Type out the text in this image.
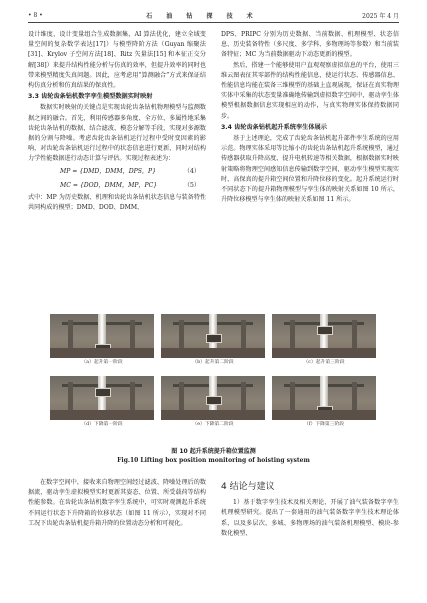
• 8 •	石 油 钻 探 技 术	2025 年 4 月

设计维度、设计变量组合生成数据集，AI 算法优化，建立全域变量空间的复杂数学表达[17]）与模型降阶方法（Guyan 缩聚法[31]、Krylov 子空间方法[18]、Ritz 矢量法[15] 和本征正交分解[38]）来提升结构性能分析与仿真的效率，但提升效率的同时也带来模型精度失真问题。因此，应考虑用“算测融合”方式来保证结构仿真分析和仿真结果的保真性。

3.3 齿轮齿条钻机数字孪生模型数据实时映射

数据实时映射的关键点是实现齿轮齿条钻机物理模型与监测数据之间的融合。首先，利用传感器多角度、全方位、多属性地采集齿轮齿条钻机的数据，结合滤波、模态分解等手段，实现对多源数据的分割与降噪。考虑齿轮齿条钻机运行过程中受时变因素的影响，对齿轮齿条钻机运行过程中的状态信息进行更新，同时对结构力学性能数据进行动态计算与评估。实现过程表述为：

MP = {DMD，DMM，DPS，P}	（4）
MC = {DOD，DMM，MP，PC}	（5）

式中：MP 为历史数据、机理和齿轮齿条钻机状态信息与装备特性共同构成的模型；DMD、DOD、DMM、

DPS、PRIPC 分别为历史数据、当前数据、机理模型、状态信息、历史装备特性（多尺度、多学科、多物理场等参数）和当前装备特征；MC 为当前数据驱动下动态更新的模型。

然后，搭建一个能够使用户直观观察虚拟信息的平台，使用三维云图表征其零部件的结构性能信息，使运行状态、传感器信息、性能信息均能在装备三维模型的基础上直观展现，保证在真实物理实体中采集的状态变量准确地传输到虚拟数字空间中，驱动孪生体模型根据数据信息实现相应的动作，与真实物理实体保持数据同步。

3.4 齿轮齿条钻机起升系统孪生体展示

基于上述理论，完成了齿轮齿条钻机起升部件孪生系统的应用示范。物理实体采用等比缩小的齿轮齿条钻机起升系统模型，通过传感器获取升降高度、提升电机转速等相关数据，根据数据实时映射策略将物理空间感知信息传输到数字空间，驱动孪生模型实现实时、高保真的提升箱空间位置和升降位移的变化。起升系统运行时不同状态下的提升箱物理模型与孪生体的映射关系如图 10 所示，升降位移模型与孪生体的映射关系如图 11 所示。

（a）起升第一阶段	（b）起升第二阶段	（c）起升第三阶段
（d）下降第一阶段	（e）下降第二阶段	（f）下降第三阶段
图 10 起升系统提升箱位置监测
Fig.10 Lifting box position monitoring of hoisting system

在数字空间中，接收来自物理空间经过滤波、降噪处理后的数据流，驱动孪生虚拟模型实时更新其姿态、位置、所受载荷等结构性能参数。在齿轮齿条钻机数字孪生系统中，可实时观测起升系统不同运行状态下升降箱的位移状态（如图 11 所示），实现对不同工况下齿轮齿条钻机提升箱升降的位置动态分析和可视化。

4 结论与建议

1）基于数字孪生技术及相关理论，开展了油气装备数字孪生机理模型研究。提出了一套通用的油气装备数字孪生技术理论体系，以及多层次、多城、多物理场的油气装备机理模型、模块-参数化模型、
